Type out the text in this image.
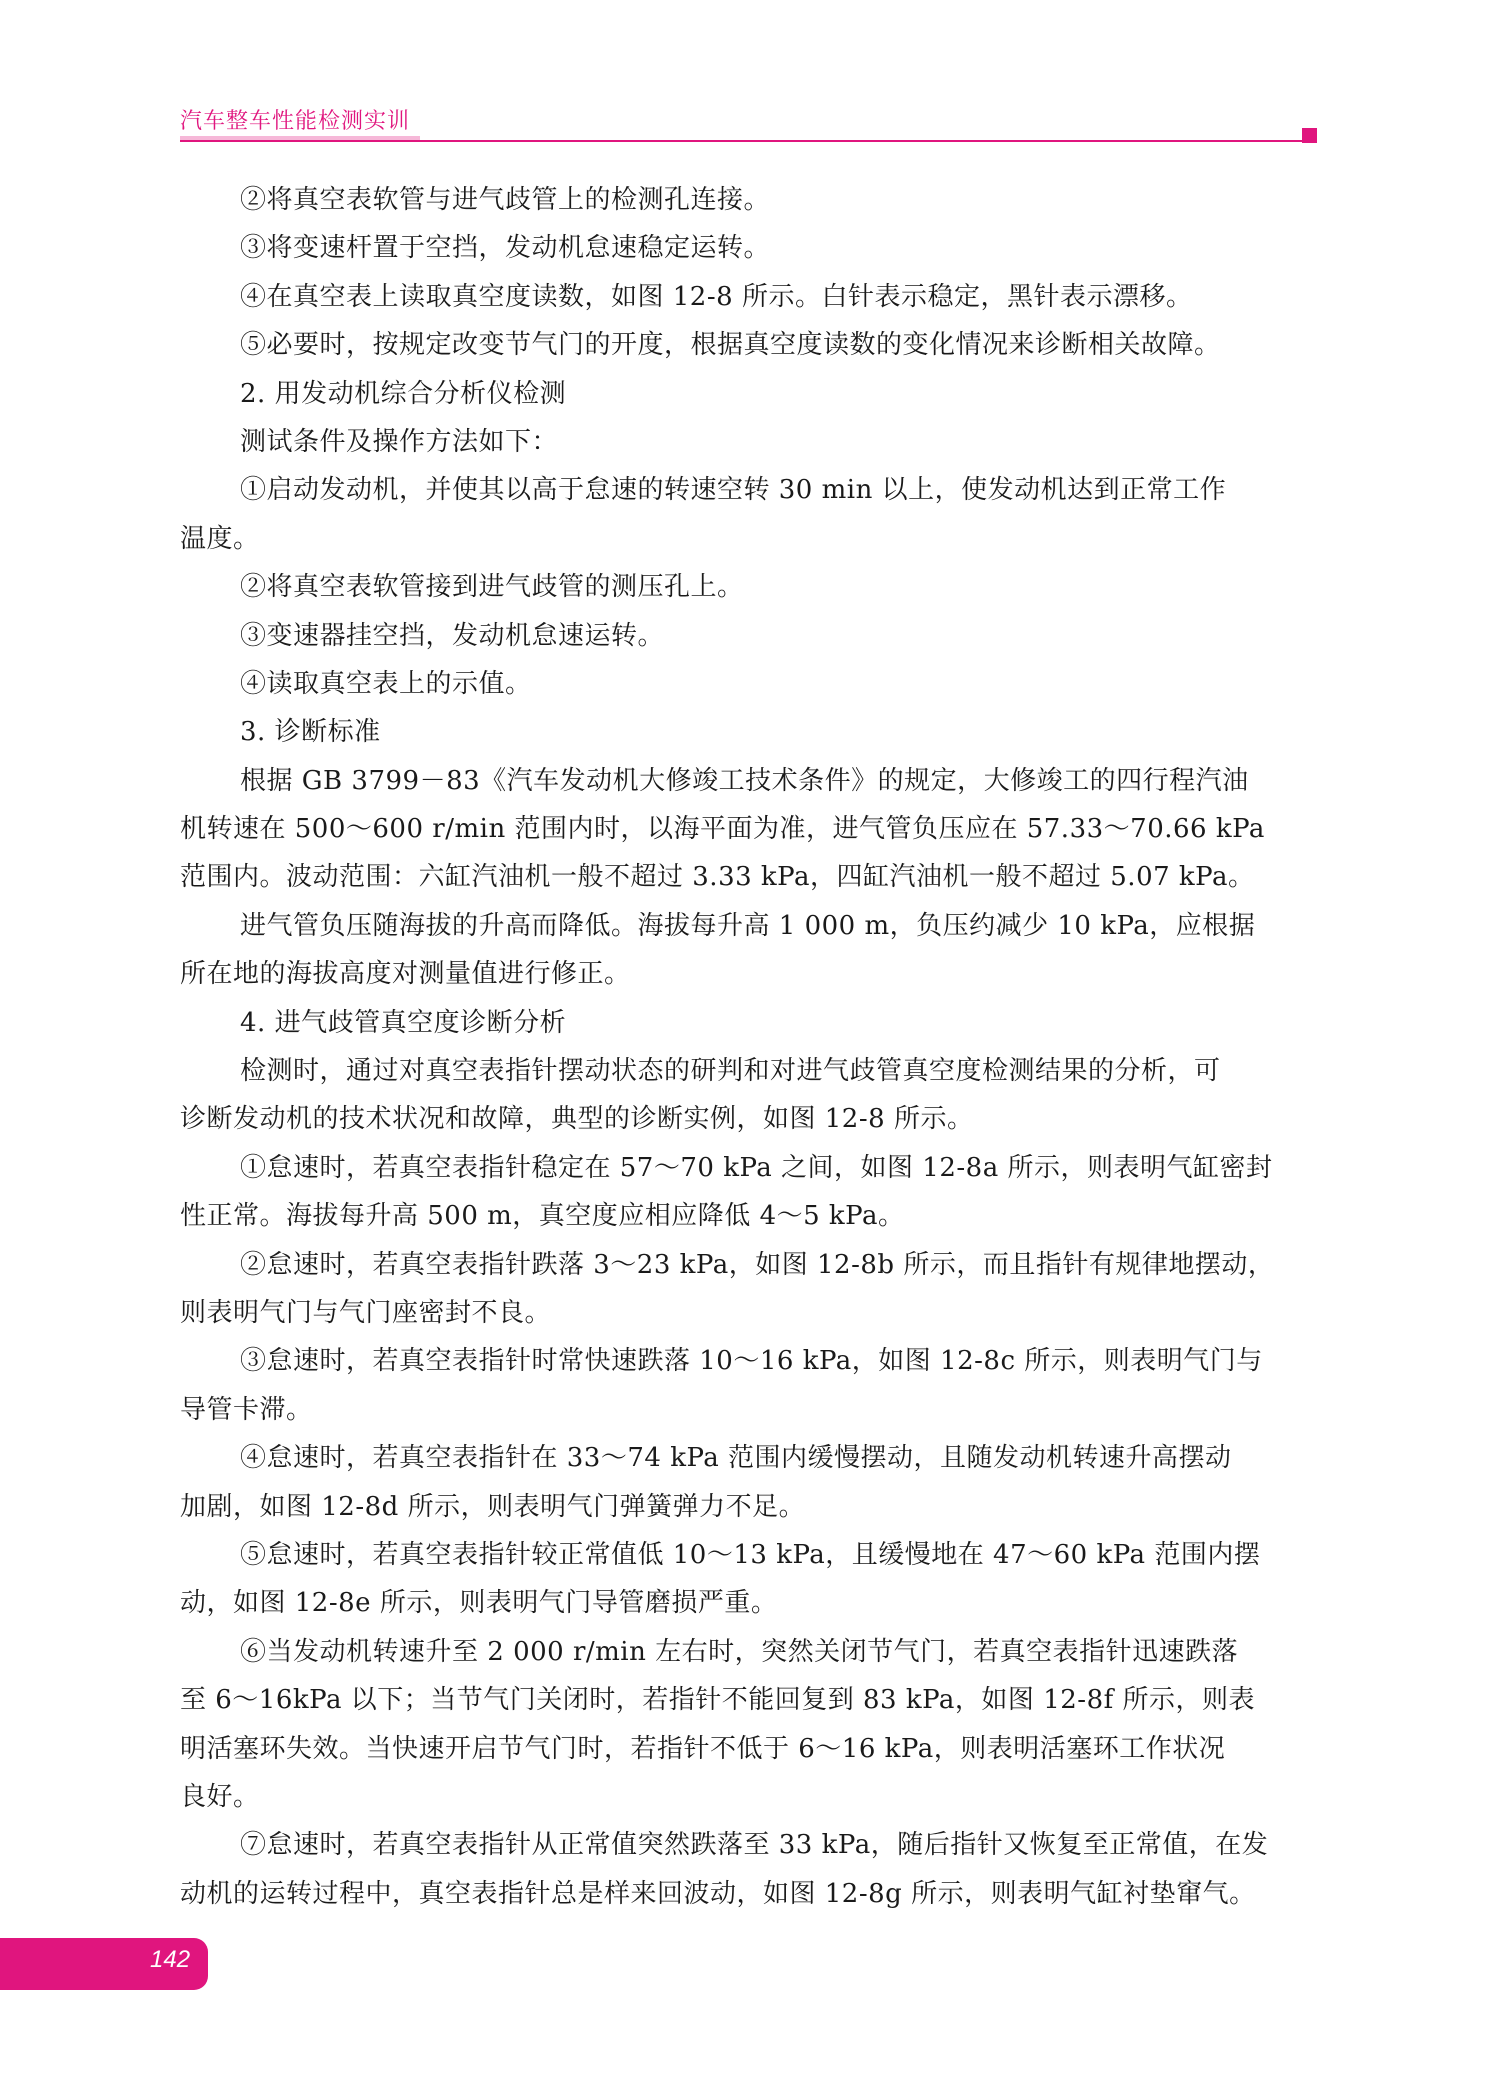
汽车整车性能检测实训
②将真空表软管与进气歧管上的检测孔连接。
③将变速杆置于空挡，发动机怠速稳定运转。
④在真空表上读取真空度读数，如图 12-8 所示。白针表示稳定，黑针表示漂移。
⑤必要时，按规定改变节气门的开度，根据真空度读数的变化情况来诊断相关故障。
2. 用发动机综合分析仪检测
测试条件及操作方法如下：
①启动发动机，并使其以高于怠速的转速空转 30 min 以上，使发动机达到正常工作
温度。
②将真空表软管接到进气歧管的测压孔上。
③变速器挂空挡，发动机怠速运转。
④读取真空表上的示值。
3. 诊断标准
根据 GB 3799－83《汽车发动机大修竣工技术条件》的规定，大修竣工的四行程汽油
机转速在 500～600 r/min 范围内时，以海平面为准，进气管负压应在 57.33～70.66 kPa
范围内。波动范围：六缸汽油机一般不超过 3.33 kPa，四缸汽油机一般不超过 5.07 kPa。
进气管负压随海拔的升高而降低。海拔每升高 1 000 m，负压约减少 10 kPa，应根据
所在地的海拔高度对测量值进行修正。
4. 进气歧管真空度诊断分析
检测时，通过对真空表指针摆动状态的研判和对进气歧管真空度检测结果的分析，可
诊断发动机的技术状况和故障，典型的诊断实例，如图 12-8 所示。
①怠速时，若真空表指针稳定在 57～70 kPa 之间，如图 12-8a 所示，则表明气缸密封
性正常。海拔每升高 500 m，真空度应相应降低 4～5 kPa。
②怠速时，若真空表指针跌落 3～23 kPa，如图 12-8b 所示，而且指针有规律地摆动，
则表明气门与气门座密封不良。
③怠速时，若真空表指针时常快速跌落 10～16 kPa，如图 12-8c 所示，则表明气门与
导管卡滞。
④怠速时，若真空表指针在 33～74 kPa 范围内缓慢摆动，且随发动机转速升高摆动
加剧，如图 12-8d 所示，则表明气门弹簧弹力不足。
⑤怠速时，若真空表指针较正常值低 10～13 kPa，且缓慢地在 47～60 kPa 范围内摆
动，如图 12-8e 所示，则表明气门导管磨损严重。
⑥当发动机转速升至 2 000 r/min 左右时，突然关闭节气门，若真空表指针迅速跌落
至 6～16kPa 以下；当节气门关闭时，若指针不能回复到 83 kPa，如图 12-8f 所示，则表
明活塞环失效。当快速开启节气门时，若指针不低于 6～16 kPa，则表明活塞环工作状况
良好。
⑦怠速时，若真空表指针从正常值突然跌落至 33 kPa，随后指针又恢复至正常值，在发
动机的运转过程中，真空表指针总是样来回波动，如图 12-8g 所示，则表明气缸衬垫窜气。
142
